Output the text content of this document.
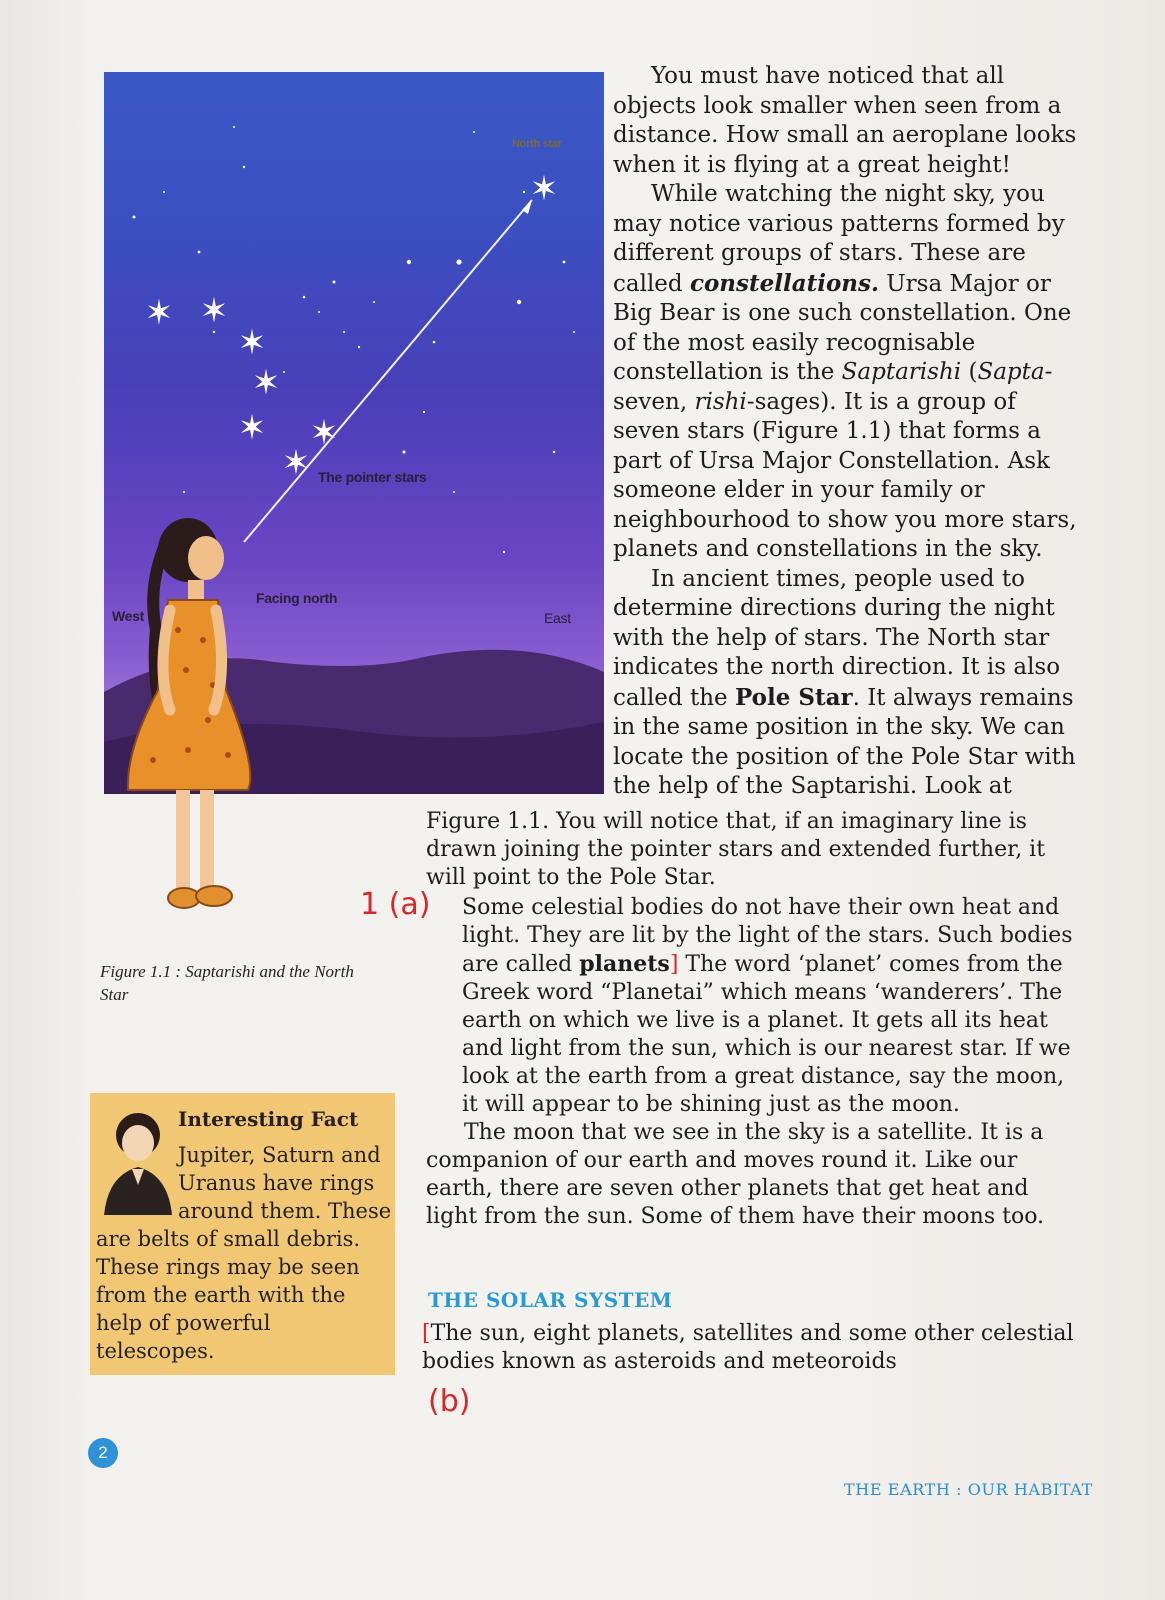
✶ ✶
✶
✶
✶ ✶
✶
✶
North star
The pointer stars
Facing north
West	East
Figure 1.1 : Saptarishi and the North Star

You must have noticed that all objects look smaller when seen from a distance. How small an aeroplane looks when it is flying at a great height!

While watching the night sky, you may notice various patterns formed by different groups of stars. These are called constellations. Ursa Major or Big Bear is one such constellation. One of the most easily recognisable constellation is the Saptarishi (Sapta-seven, rishi-sages). It is a group of seven stars (Figure 1.1) that forms a part of Ursa Major Constellation. Ask someone elder in your family or neighbourhood to show you more stars, planets and constellations in the sky.

In ancient times, people used to determine directions during the night with the help of stars. The North star indicates the north direction. It is also called the Pole Star. It always remains in the same position in the sky. We can locate the position of the Pole Star with the help of the Saptarishi. Look at

Figure 1.1. You will notice that, if an imaginary line is drawn joining the pointer stars and extended further, it will point to the Pole Star.

Some celestial bodies do not have their own heat and light. They are lit by the light of the stars. Such bodies are called planets] The word ‘planet’ comes from the Greek word “Planetai” which means ‘wanderers’. The earth on which we live is a planet. It gets all its heat and light from the sun, which is our nearest star. If we look at the earth from a great distance, say the moon, it will appear to be shining just as the moon.

The moon that we see in the sky is a satellite. It is a companion of our earth and moves round it. Like our earth, there are seven other planets that get heat and light from the sun. Some of them have their moons too.

1 (a)
(b)
THE SOLAR SYSTEM

[The sun, eight planets, satellites and some other celestial bodies known as asteroids and meteoroids

Interesting Fact
Jupiter, Saturn and
Uranus have rings
around them. These
are belts of small debris. These rings may be seen from the earth with the help of powerful telescopes.
2
THE EARTH : OUR HABITAT
